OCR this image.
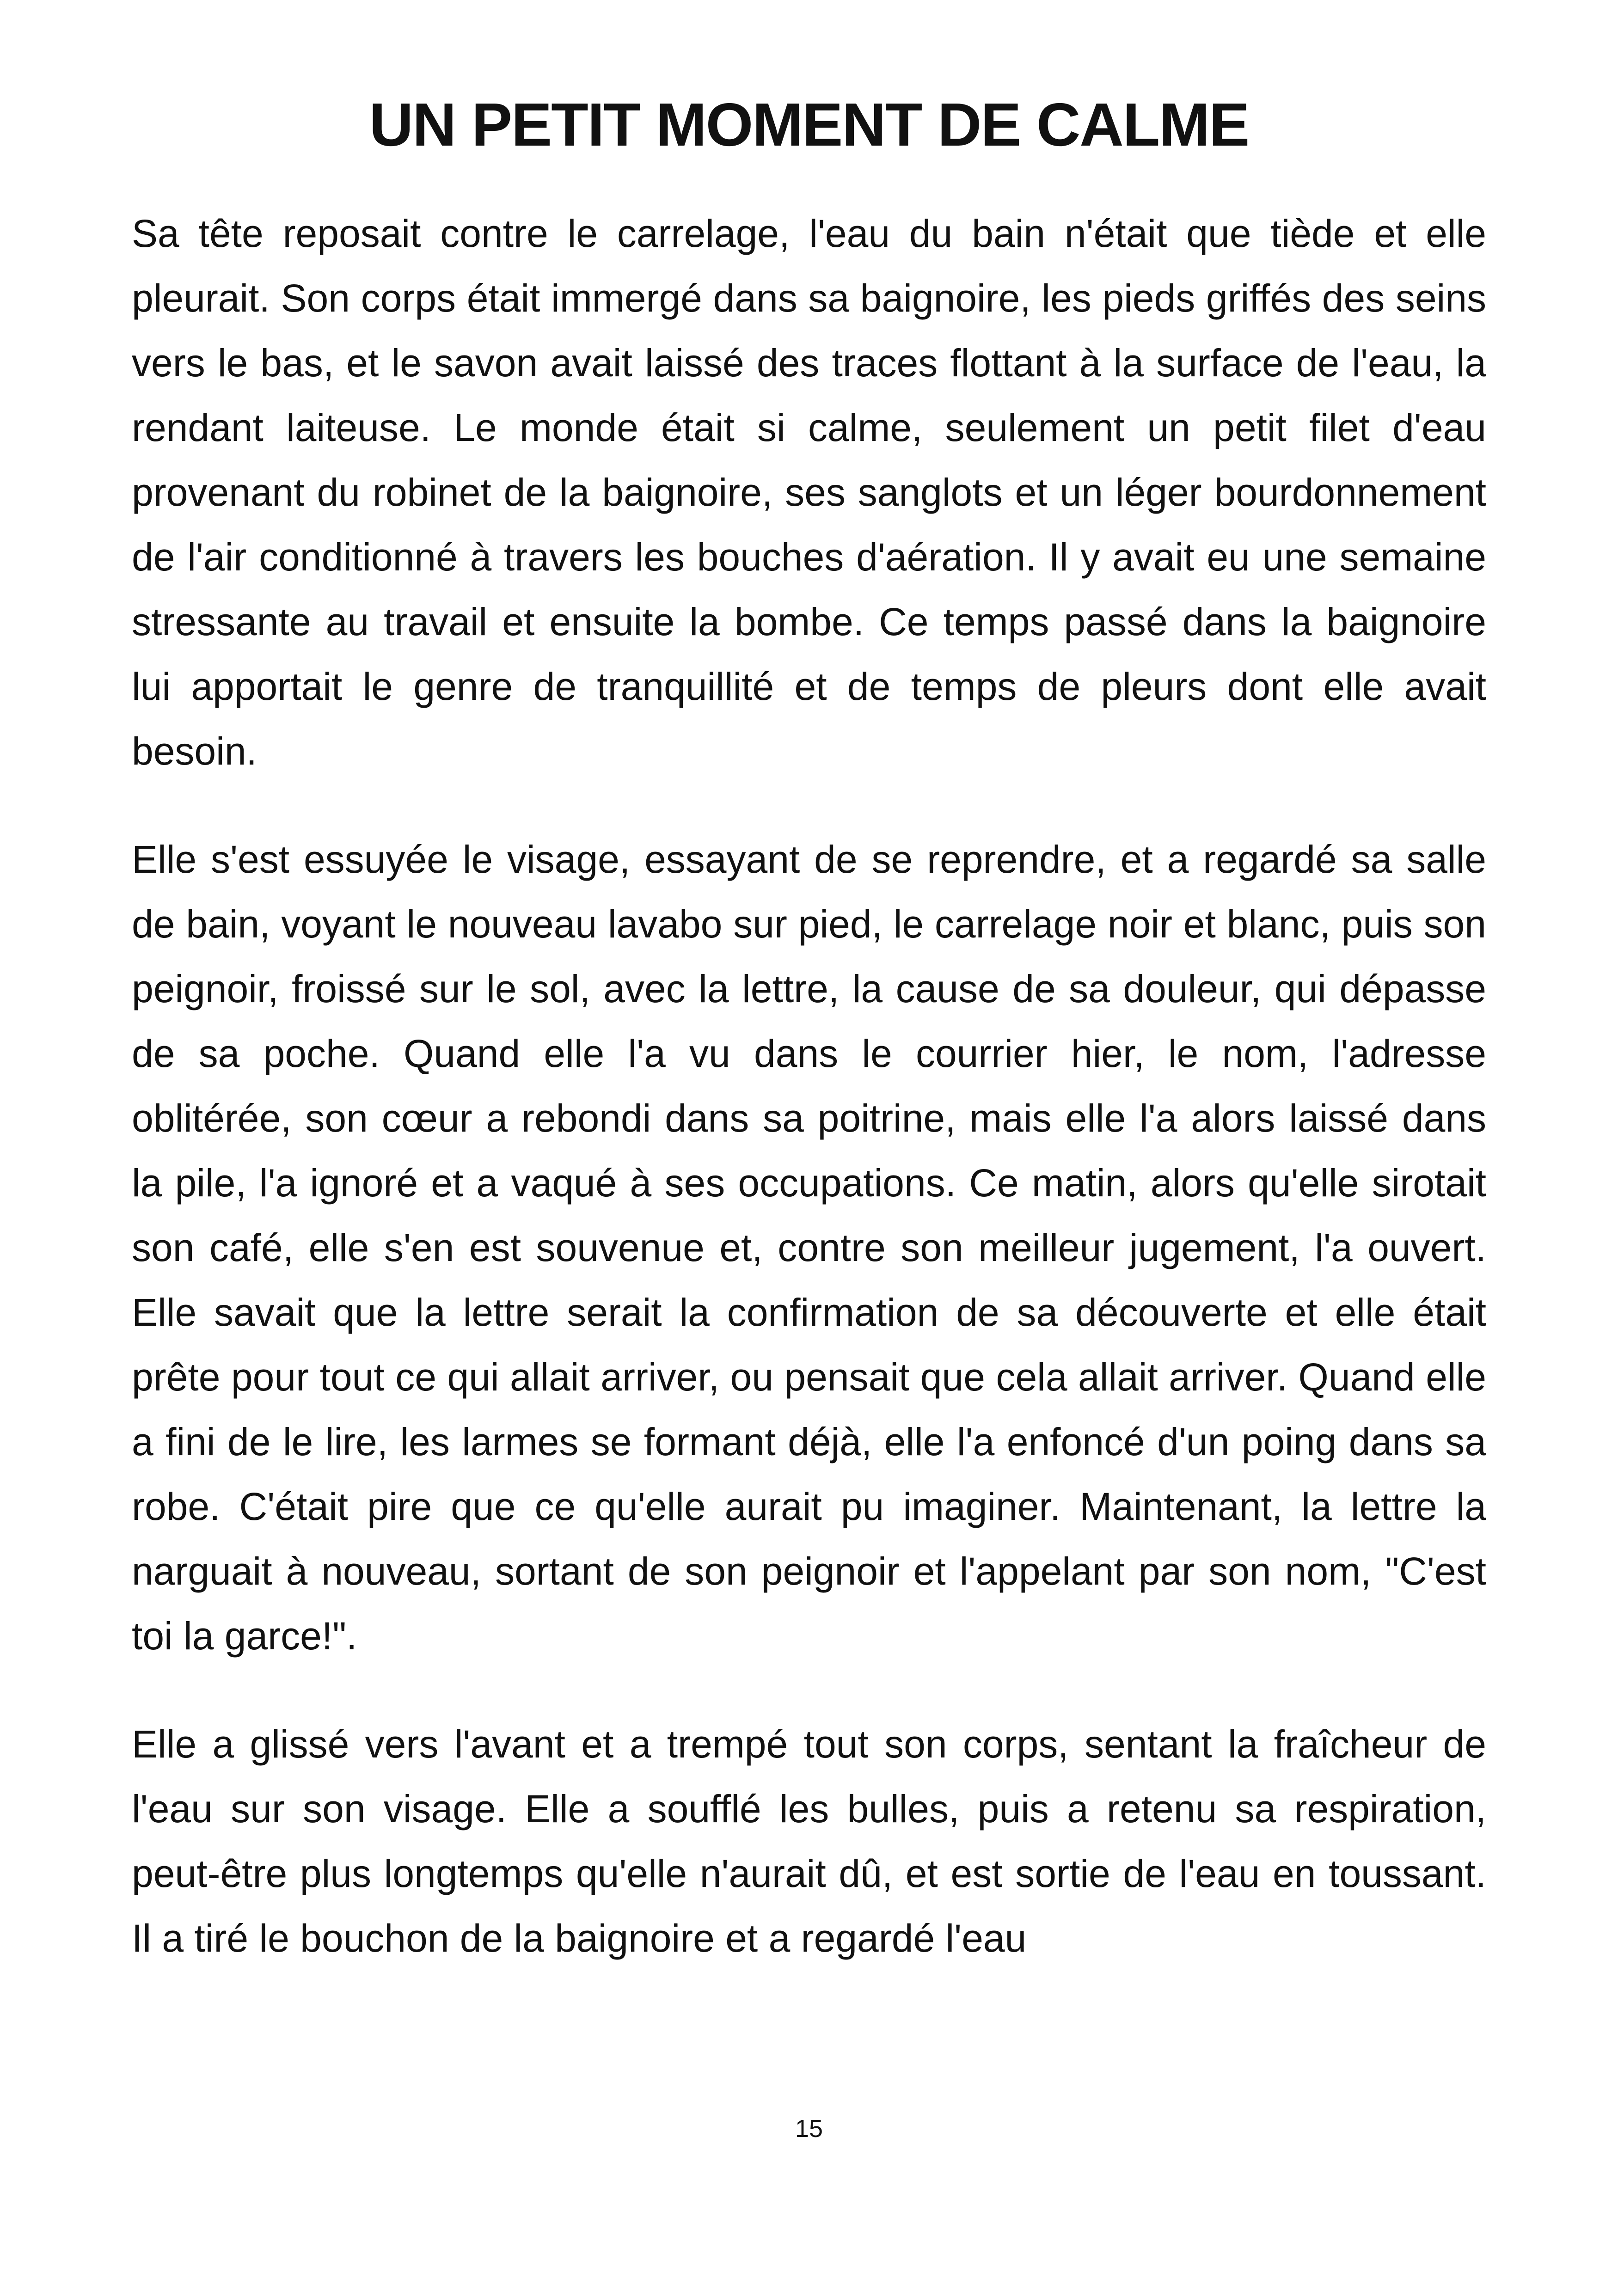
UN PETIT MOMENT DE CALME

Sa tête reposait contre le carrelage, l'eau du bain n'était que tiède et elle pleurait. Son corps était immergé dans sa baignoire, les pieds griffés des seins vers le bas, et le savon avait laissé des traces flottant à la surface de l'eau, la rendant laiteuse. Le monde était si calme, seulement un petit filet d'eau provenant du robinet de la baignoire, ses sanglots et un léger bourdonnement de l'air conditionné à travers les bouches d'aération. Il y avait eu une semaine stressante au travail et ensuite la bombe. Ce temps passé dans la baignoire lui apportait le genre de tranquillité et de temps de pleurs dont elle avait besoin.

Elle s'est essuyée le visage, essayant de se reprendre, et a regardé sa salle de bain, voyant le nouveau lavabo sur pied, le carrelage noir et blanc, puis son peignoir, froissé sur le sol, avec la lettre, la cause de sa douleur, qui dépasse de sa poche. Quand elle l'a vu dans le courrier hier, le nom, l'adresse oblitérée, son cœur a rebondi dans sa poitrine, mais elle l'a alors laissé dans la pile, l'a ignoré et a vaqué à ses occupations. Ce matin, alors qu'elle sirotait son café, elle s'en est souvenue et, contre son meilleur jugement, l'a ouvert. Elle savait que la lettre serait la confirmation de sa découverte et elle était prête pour tout ce qui allait arriver, ou pensait que cela allait arriver. Quand elle a fini de le lire, les larmes se formant déjà, elle l'a enfoncé d'un poing dans sa robe. C'était pire que ce qu'elle aurait pu imaginer. Maintenant, la lettre la narguait à nouveau, sortant de son peignoir et l'appelant par son nom, "C'est toi la garce!".

Elle a glissé vers l'avant et a trempé tout son corps, sentant la fraîcheur de l'eau sur son visage. Elle a soufflé les bulles, puis a retenu sa respiration, peut-être plus longtemps qu'elle n'aurait dû, et est sortie de l'eau en toussant. Il a tiré le bouchon de la baignoire et a regardé l'eau

15
